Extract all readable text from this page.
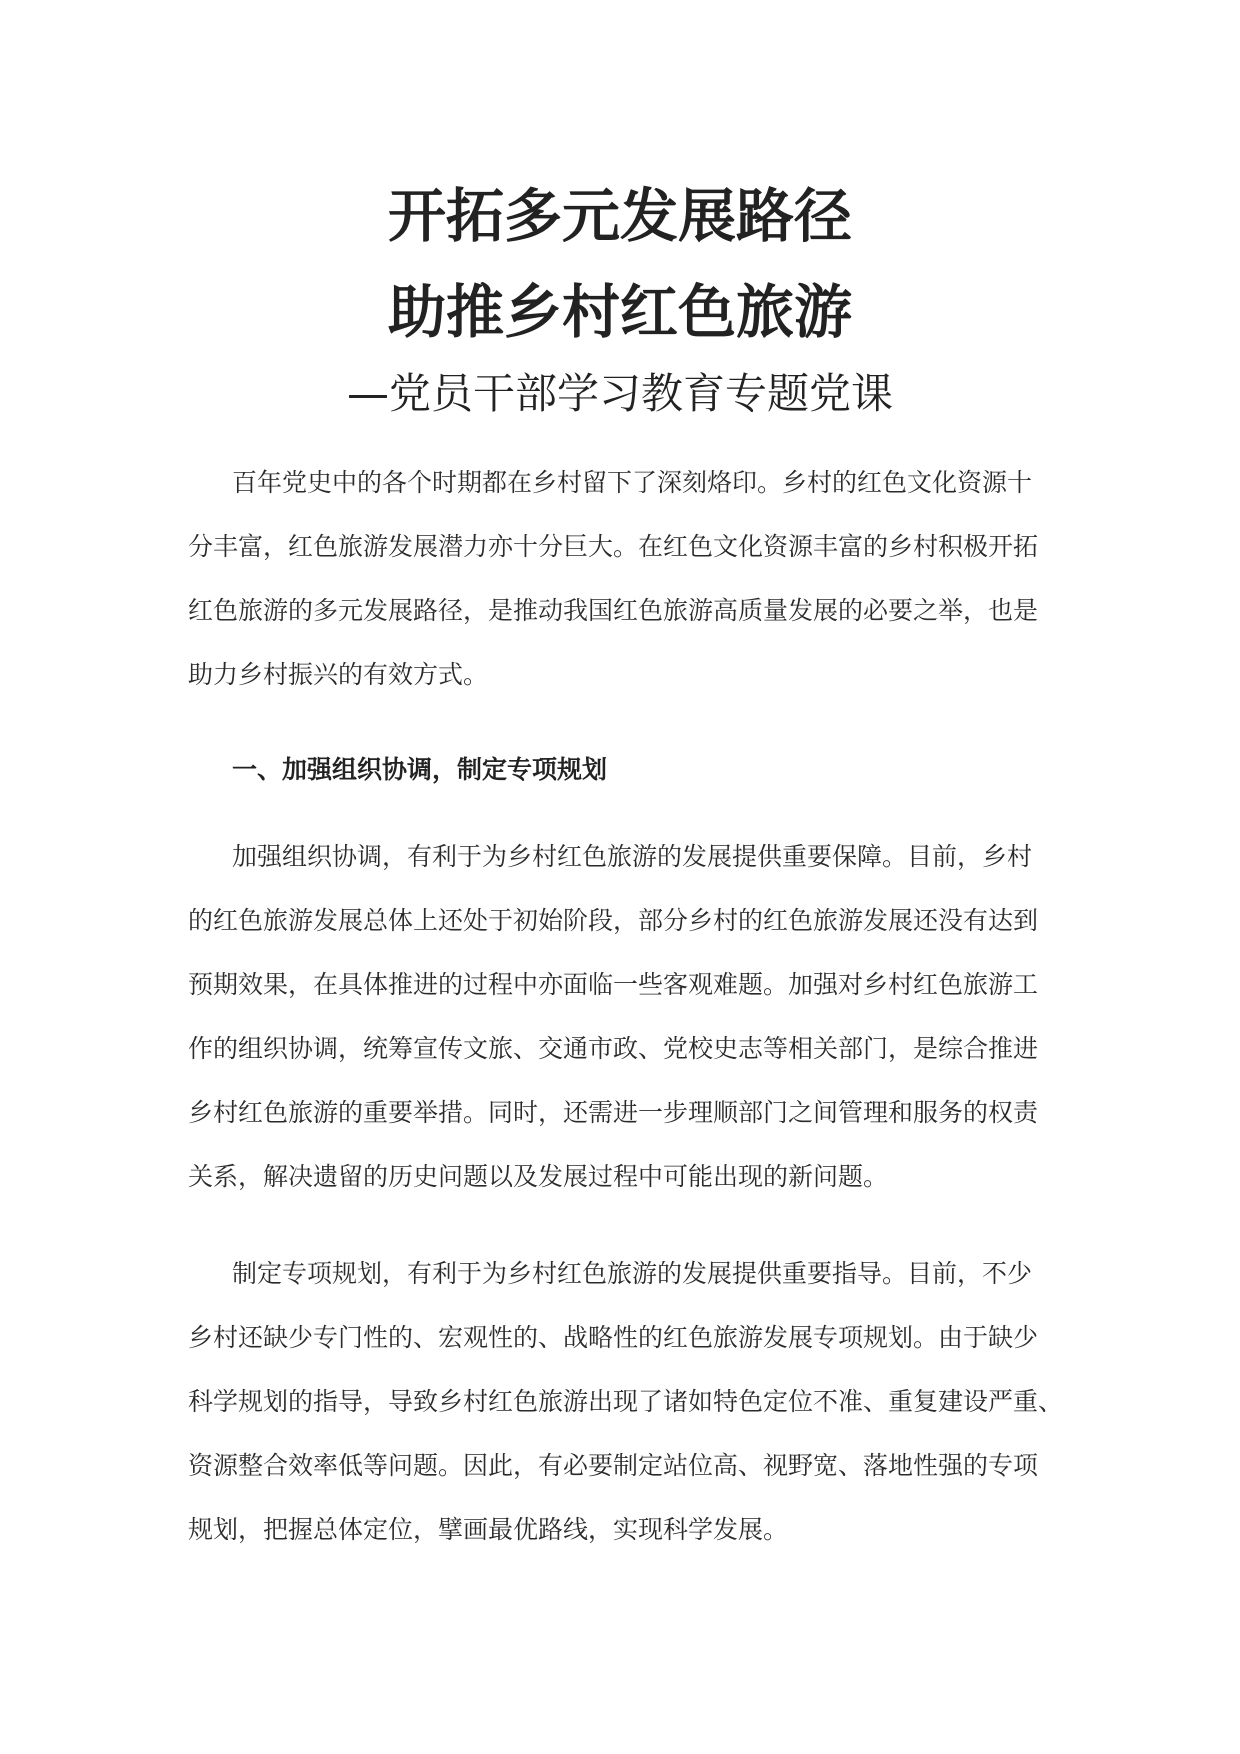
开拓多元发展路径
助推乡村红色旅游
—党员干部学习教育专题党课
百年党史中的各个时期都在乡村留下了深刻烙印。乡村的红色文化资源十
分丰富，红色旅游发展潜力亦十分巨大。在红色文化资源丰富的乡村积极开拓
红色旅游的多元发展路径，是推动我国红色旅游高质量发展的必要之举，也是
助力乡村振兴的有效方式。
一、加强组织协调，制定专项规划
加强组织协调，有利于为乡村红色旅游的发展提供重要保障。目前，乡村
的红色旅游发展总体上还处于初始阶段，部分乡村的红色旅游发展还没有达到
预期效果，在具体推进的过程中亦面临一些客观难题。加强对乡村红色旅游工
作的组织协调，统筹宣传文旅、交通市政、党校史志等相关部门，是综合推进
乡村红色旅游的重要举措。同时，还需进一步理顺部门之间管理和服务的权责
关系，解决遗留的历史问题以及发展过程中可能出现的新问题。
制定专项规划，有利于为乡村红色旅游的发展提供重要指导。目前，不少
乡村还缺少专门性的、宏观性的、战略性的红色旅游发展专项规划。由于缺少
科学规划的指导，导致乡村红色旅游出现了诸如特色定位不准、重复建设严重、
资源整合效率低等问题。因此，有必要制定站位高、视野宽、落地性强的专项
规划，把握总体定位，擘画最优路线，实现科学发展。
